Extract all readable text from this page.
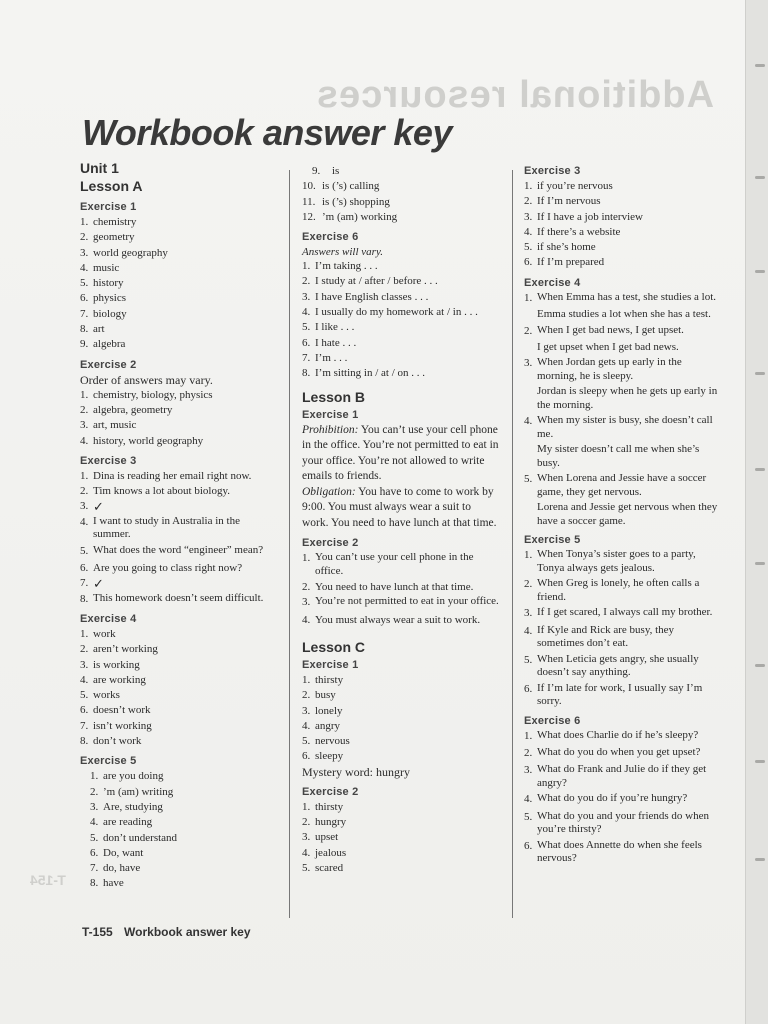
Additional resources
T-154
Workbook answer key
Unit 1
Lesson A
Exercise 1
1. chemistry
2. geometry
3. world geography
4. music
5. history
6. physics
7. biology
8. art
9. algebra
Exercise 2
Order of answers may vary.
1. chemistry, biology, physics
2. algebra, geometry
3. art, music
4. history, world geography
Exercise 3
1. Dina is reading her email right now.
2. Tim knows a lot about biology.
3. ✓
4. I want to study in Australia in the summer.
5. What does the word “engineer” mean?
6. Are you going to class right now?
7. ✓
8. This homework doesn’t seem difficult.
Exercise 4
1. work
2. aren’t working
3. is working
4. are working
5. works
6. doesn’t work
7. isn’t working
8. don’t work
Exercise 5
1. are you doing
2. ’m (am) writing
3. Are, studying
4. are reading
5. don’t understand
6. Do, want
7. do, have
8. have
9.	is
10. is (’s) calling
11. is (’s) shopping
12. ’m (am) working
Exercise 6
Answers will vary.
1. I’m taking . . .
2. I study at / after / before . . .
3. I have English classes . . .
4. I usually do my homework at / in . . .
5. I like . . .
6. I hate . . .
7. I’m . . .
8. I’m sitting in / at / on . . .
Lesson B
Exercise 1
Prohibition: You can’t use your cell phone in the office. You’re not permitted to eat in your office. You’re not allowed to write emails to friends.
Obligation: You have to come to work by 9:00. You must always wear a suit to work. You need to have lunch at that time.
Exercise 2
1. You can’t use your cell phone in the office.
2. You need to have lunch at that time.
3. You’re not permitted to eat in your office.
4. You must always wear a suit to work.
Lesson C
Exercise 1
1. thirsty
2. busy
3. lonely
4. angry
5. nervous
6. sleepy
Mystery word: hungry
Exercise 2
1. thirsty
2. hungry
3. upset
4. jealous
5. scared
Exercise 3
1. if you’re nervous
2. If I’m nervous
3. If I have a job interview
4. If there’s a website
5. if she’s home
6. If I’m prepared
Exercise 4
1. When Emma has a test, she studies a lot.
Emma studies a lot when she has a test.
2. When I get bad news, I get upset.
I get upset when I get bad news.
3. When Jordan gets up early in the morning, he is sleepy.
Jordan is sleepy when he gets up early in the morning.
4. When my sister is busy, she doesn’t call me.
My sister doesn’t call me when she’s busy.
5. When Lorena and Jessie have a soccer game, they get nervous.
Lorena and Jessie get nervous when they have a soccer game.
Exercise 5
1. When Tonya’s sister goes to a party, Tonya always gets jealous.
2. When Greg is lonely, he often calls a friend.
3. If I get scared, I always call my brother.
4. If Kyle and Rick are busy, they sometimes don’t eat.
5. When Leticia gets angry, she usually doesn’t say anything.
6. If I’m late for work, I usually say I’m sorry.
Exercise 6
1. What does Charlie do if he’s sleepy?
2. What do you do when you get upset?
3. What do Frank and Julie do if they get angry?
4. What do you do if you’re hungry?
5. What do you and your friends do when you’re thirsty?
6. What does Annette do when she feels nervous?
T-155 Workbook answer key
